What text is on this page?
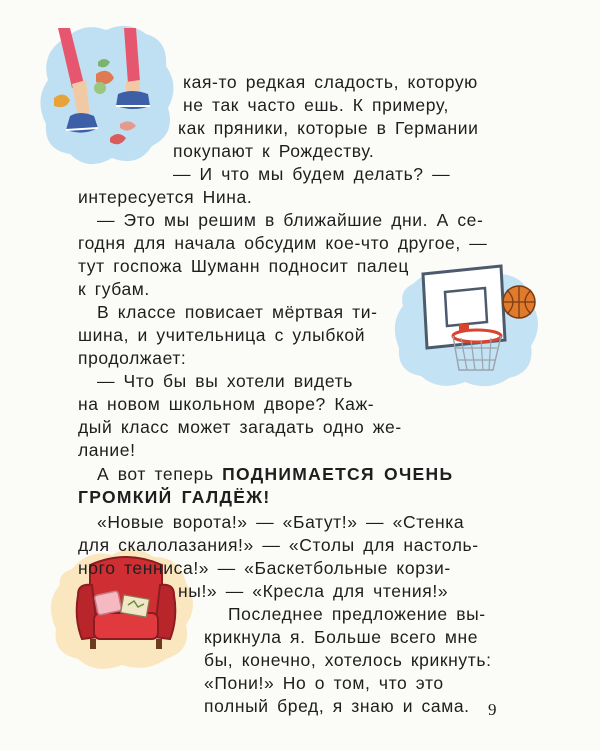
кая-то редкая сладость, которую
не так часто ешь. К примеру,
как пряники, которые в Германии
покупают к Рождеству.
— И что мы будем делать? —
интересуется Нина.
— Это мы решим в ближайшие дни. А се-
годня для начала обсудим кое-что другое, —
тут госпожа Шуманн подносит палец
к губам.
В классе повисает мёртвая ти-
шина, и учительница с улыбкой
продолжает:
— Что бы вы хотели видеть
на новом школьном дворе? Каж-
дый класс может загадать одно же-
лание!
А вот теперь ПОДНИМАЕТСЯ ОЧЕНЬ
ГРОМКИЙ ГАЛДЁЖ!
«Новые ворота!» — «Батут!» — «Стенка
для скалолазания!» — «Столы для настоль-
ного тенниса!» — «Баскетбольные корзи-
ны!» — «Кресла для чтения!»
Последнее предложение вы-
крикнула я. Больше всего мне
бы, конечно, хотелось крикнуть:
«Пони!» Но о том, что это
полный бред, я знаю и сама. 9
